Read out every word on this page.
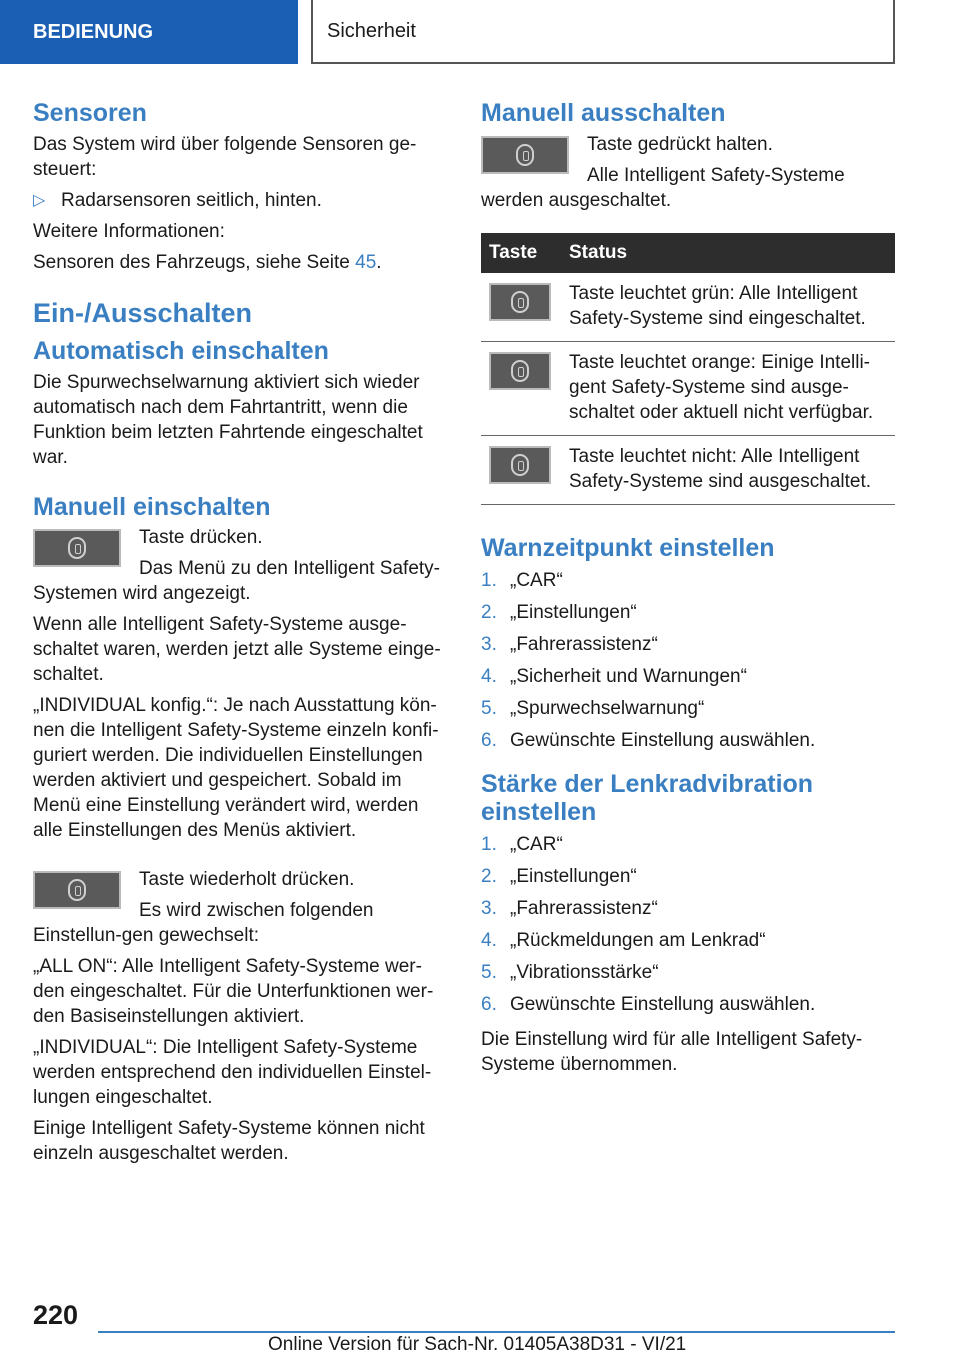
BEDIENUNG	Sicherheit
Sensoren

Das System wird über folgende Sensoren ge-steuert:

▷ Radarsensoren seitlich, hinten.

Weitere Informationen:

Sensoren des Fahrzeugs, siehe Seite 45.

Ein-/Ausschalten
Automatisch einschalten

Die Spurwechselwarnung aktiviert sich wieder automatisch nach dem Fahrtantritt, wenn die Funktion beim letzten Fahrtende eingeschaltet war.

Manuell einschalten

Taste drücken.

Das Menü zu den Intelligent Safety-Systemen wird angezeigt.

Wenn alle Intelligent Safety-Systeme ausge-schaltet waren, werden jetzt alle Systeme einge-schaltet.

„INDIVIDUAL konfig.“: Je nach Ausstattung kön-nen die Intelligent Safety-Systeme einzeln konfi-guriert werden. Die individuellen Einstellungen werden aktiviert und gespeichert. Sobald im Menü eine Einstellung verändert wird, werden alle Einstellungen des Menüs aktiviert.

Taste wiederholt drücken.

Es wird zwischen folgenden Einstellun-gen gewechselt:

„ALL ON“: Alle Intelligent Safety-Systeme wer-den eingeschaltet. Für die Unterfunktionen wer-den Basiseinstellungen aktiviert.

„INDIVIDUAL“: Die Intelligent Safety-Systeme werden entsprechend den individuellen Einstel-lungen eingeschaltet.

Einige Intelligent Safety-Systeme können nicht einzeln ausgeschaltet werden.

Manuell ausschalten

Taste gedrückt halten.

Alle Intelligent Safety-Systeme werden ausgeschaltet.

Taste	Status

	Taste leuchtet grün: Alle Intelligent Safety-Systeme sind eingeschaltet.

	Taste leuchtet orange: Einige Intelli-gent Safety-Systeme sind ausge-schaltet oder aktuell nicht verfügbar.

	Taste leuchtet nicht: Alle Intelligent Safety-Systeme sind ausgeschaltet.
Warnzeitpunkt einstellen
1. „CAR“
2. „Einstellungen“
3. „Fahrerassistenz“
4. „Sicherheit und Warnungen“
5. „Spurwechselwarnung“
6. Gewünschte Einstellung auswählen.
Stärke der Lenkradvibration einstellen
1. „CAR“
2. „Einstellungen“
3. „Fahrerassistenz“
4. „Rückmeldungen am Lenkrad“
5. „Vibrationsstärke“
6. Gewünschte Einstellung auswählen.

Die Einstellung wird für alle Intelligent Safety-Systeme übernommen.

220
Online Version für Sach-Nr. 01405A38D31 - VI/21
